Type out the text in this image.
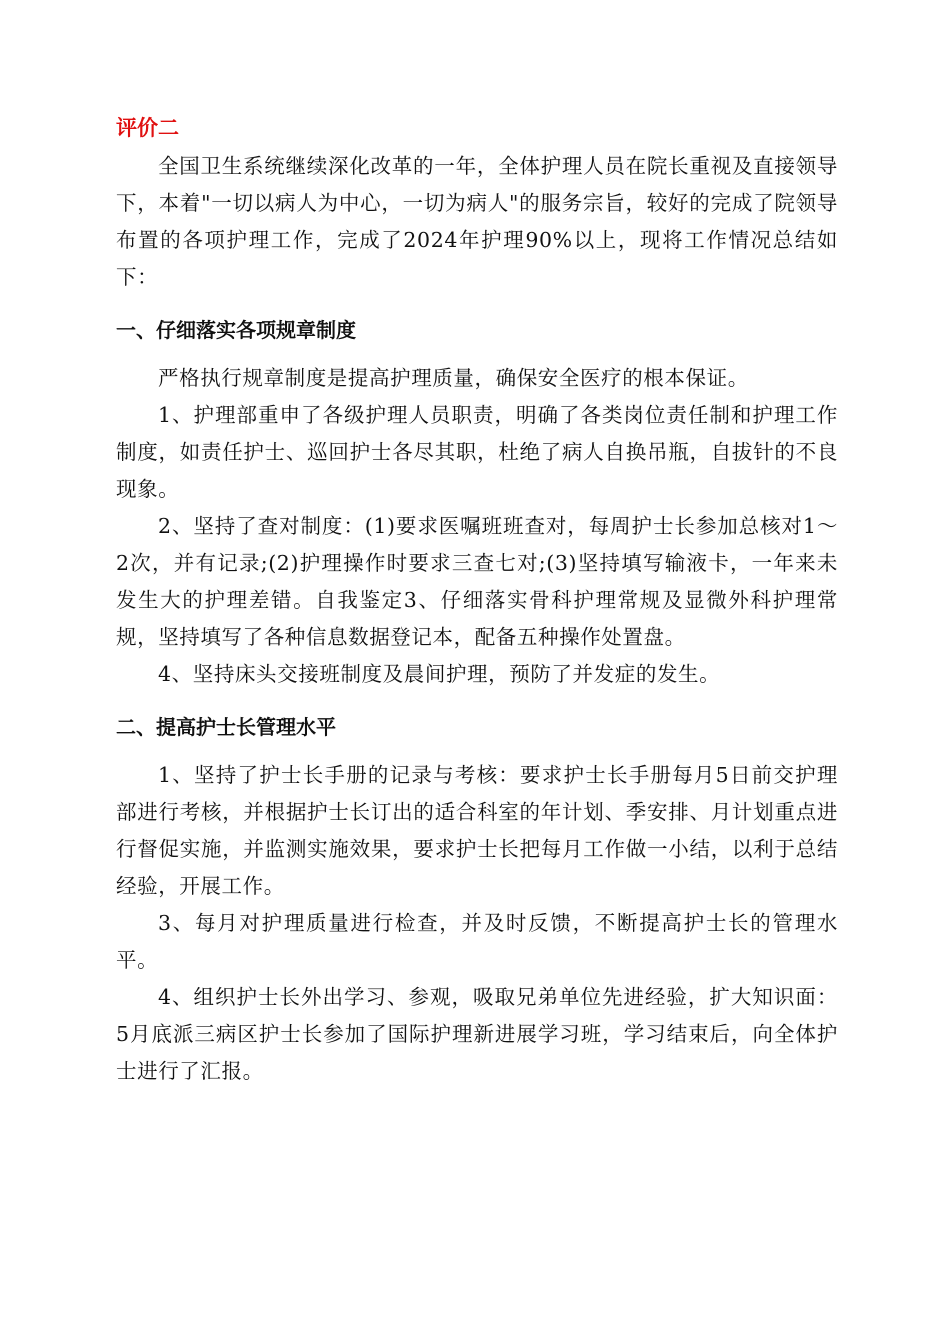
评价二

全国卫生系统继续深化改革的一年，全体护理人员在院长重视及直接领导下，本着"一切以病人为中心，一切为病人"的服务宗旨，较好的完成了院领导布置的各项护理工作，完成了2024年护理90%以上，现将工作情况总结如下：

一、仔细落实各项规章制度

严格执行规章制度是提高护理质量，确保安全医疗的根本保证。

1、护理部重申了各级护理人员职责，明确了各类岗位责任制和护理工作制度，如责任护士、巡回护士各尽其职，杜绝了病人自换吊瓶，自拔针的不良现象。

2、坚持了查对制度：(1)要求医嘱班班查对，每周护士长参加总核对1～2次，并有记录;(2)护理操作时要求三查七对;(3)坚持填写输液卡，一年来未发生大的护理差错。自我鉴定3、仔细落实骨科护理常规及显微外科护理常规，坚持填写了各种信息数据登记本，配备五种操作处置盘。

4、坚持床头交接班制度及晨间护理，预防了并发症的发生。

二、提高护士长管理水平

1、坚持了护士长手册的记录与考核：要求护士长手册每月5日前交护理部进行考核，并根据护士长订出的适合科室的年计划、季安排、月计划重点进行督促实施，并监测实施效果，要求护士长把每月工作做一小结，以利于总结经验，开展工作。

3、每月对护理质量进行检查，并及时反馈，不断提高护士长的管理水平。

4、组织护士长外出学习、参观，吸取兄弟单位先进经验，扩大知识面：5月底派三病区护士长参加了国际护理新进展学习班，学习结束后，向全体护士进行了汇报。
